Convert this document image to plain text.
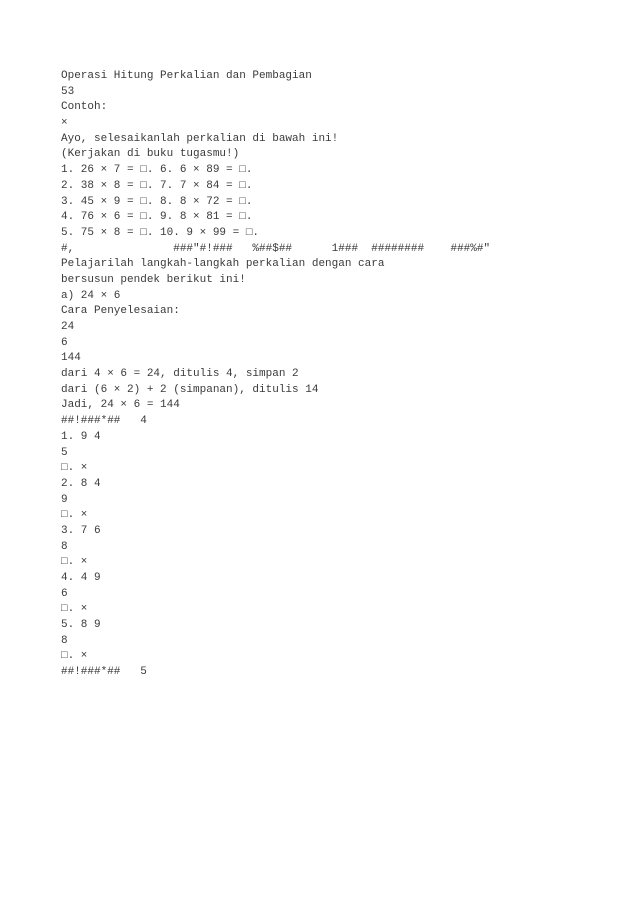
Operasi Hitung Perkalian dan Pembagian
53
Contoh:
×
Ayo, selesaikanlah perkalian di bawah ini!
(Kerjakan di buku tugasmu!)
1. 26 × 7 = □. 6. 6 × 89 = □.
2. 38 × 8 = □. 7. 7 × 84 = □.
3. 45 × 9 = □. 8. 8 × 72 = □.
4. 76 × 6 = □. 9. 8 × 81 = □.
5. 75 × 8 = □. 10. 9 × 99 = □.
#,               ###"#!###   %##$##      1###  ########    ###%#"
Pelajarilah langkah-langkah perkalian dengan cara
bersusun pendek berikut ini!
a) 24 × 6
Cara Penyelesaian:
24
6
144
dari 4 × 6 = 24, ditulis 4, simpan 2
dari (6 × 2) + 2 (simpanan), ditulis 14
Jadi, 24 × 6 = 144
##!###*##   4
1. 9 4
5
□. ×
2. 8 4
9
□. ×
3. 7 6
8
□. ×
4. 4 9
6
□. ×
5. 8 9
8
□. ×
##!###*##   5
